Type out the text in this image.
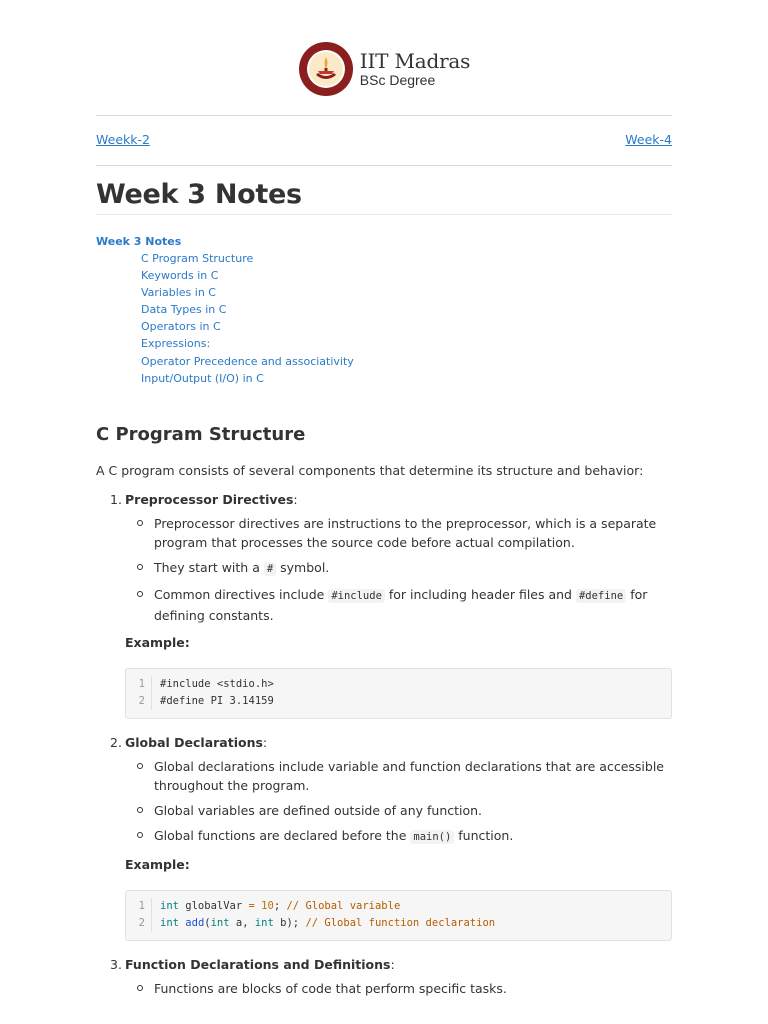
IIT Madras
BSc Degree
Weekk-2	Week-4
Week 3 Notes
Week 3 Notes
C Program Structure
Keywords in C
Variables in C
Data Types in C
Operators in C
Expressions:
Operator Precedence and associativity
Input/Output (I/O) in C
C Program Structure

A C program consists of several components that determine its structure and behavior:

1. Preprocessor Directives:
Preprocessor directives are instructions to the preprocessor, which is a separate program that processes the source code before actual compilation.
They start with a # symbol.
Common directives include #include for including header files and #define for defining constants.
Example:
1	#include <stdio.h>
2	#define PI 3.14159
2. Global Declarations:
Global declarations include variable and function declarations that are accessible throughout the program.
Global variables are defined outside of any function.
Global functions are declared before the main() function.
Example:
1	int globalVar = 10; // Global variable
2	int add(int a, int b); // Global function declaration
3. Function Declarations and Definitions:
Functions are blocks of code that perform specific tasks.
